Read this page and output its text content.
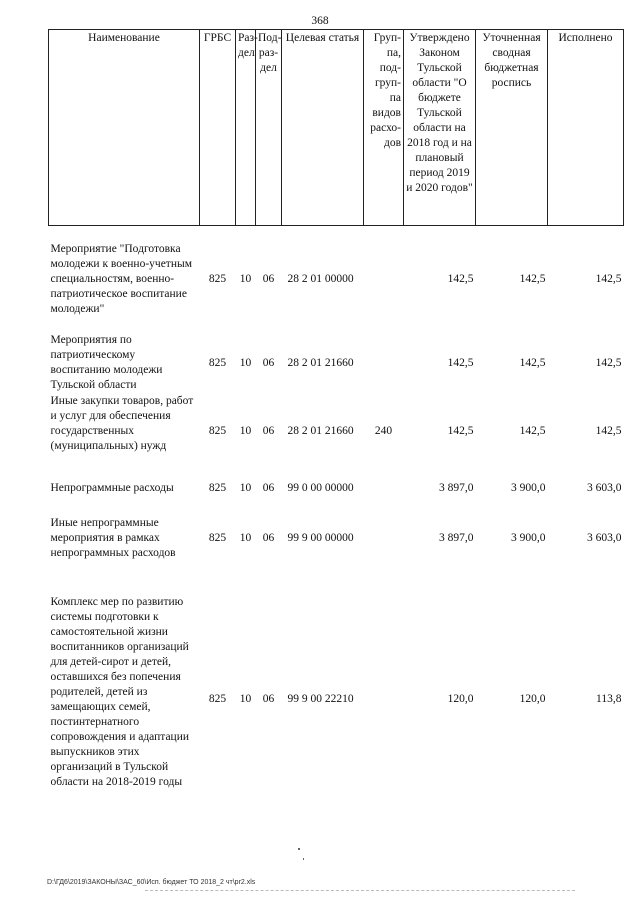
368
Наименование	ГРБС	Раз-дел	Под-раз-дел	Целевая статья	Груп-па, под-груп-па видов расхо-дов	Утверждено Законом Тульской области "О бюджете Тульской области на 2018 год и на плановый период 2019 и 2020 годов"	Уточненная сводная бюджетная роспись	Исполнено

Мероприятие "Подготовка молодежи к военно-учетным специальностям, военно-патриотическое воспитание молодежи"	825	10	06	28 2 01 00000		142,5	142,5	142,5

Мероприятия по патриотическому воспитанию молодежи Тульской области	825	10	06	28 2 01 21660		142,5	142,5	142,5
Иные закупки товаров, работ и услуг для обеспечения государственных (муниципальных) нужд	825	10	06	28 2 01 21660	240	142,5	142,5	142,5

Непрограммные расходы	825	10	06	99 0 00 00000		3 897,0	3 900,0	3 603,0

Иные непрограммные мероприятия в рамках непрограммных расходов	825	10	06	99 9 00 00000		3 897,0	3 900,0	3 603,0

Комплекс мер по развитию системы подготовки к самостоятельной жизни воспитанников организаций для детей-сирот и детей, оставшихся без попечения родителей, детей из замещающих семей, постинтернатного сопровождения и адаптации выпускников этих организаций в Тульской области на 2018-2019 годы	825	10	06	99 9 00 22210		120,0	120,0	113,8
D:\ГД6\2019\ЗАКОНЫ\ЗАС_60\Исп. бюджет ТО 2018_2 чт\pr2.xls
